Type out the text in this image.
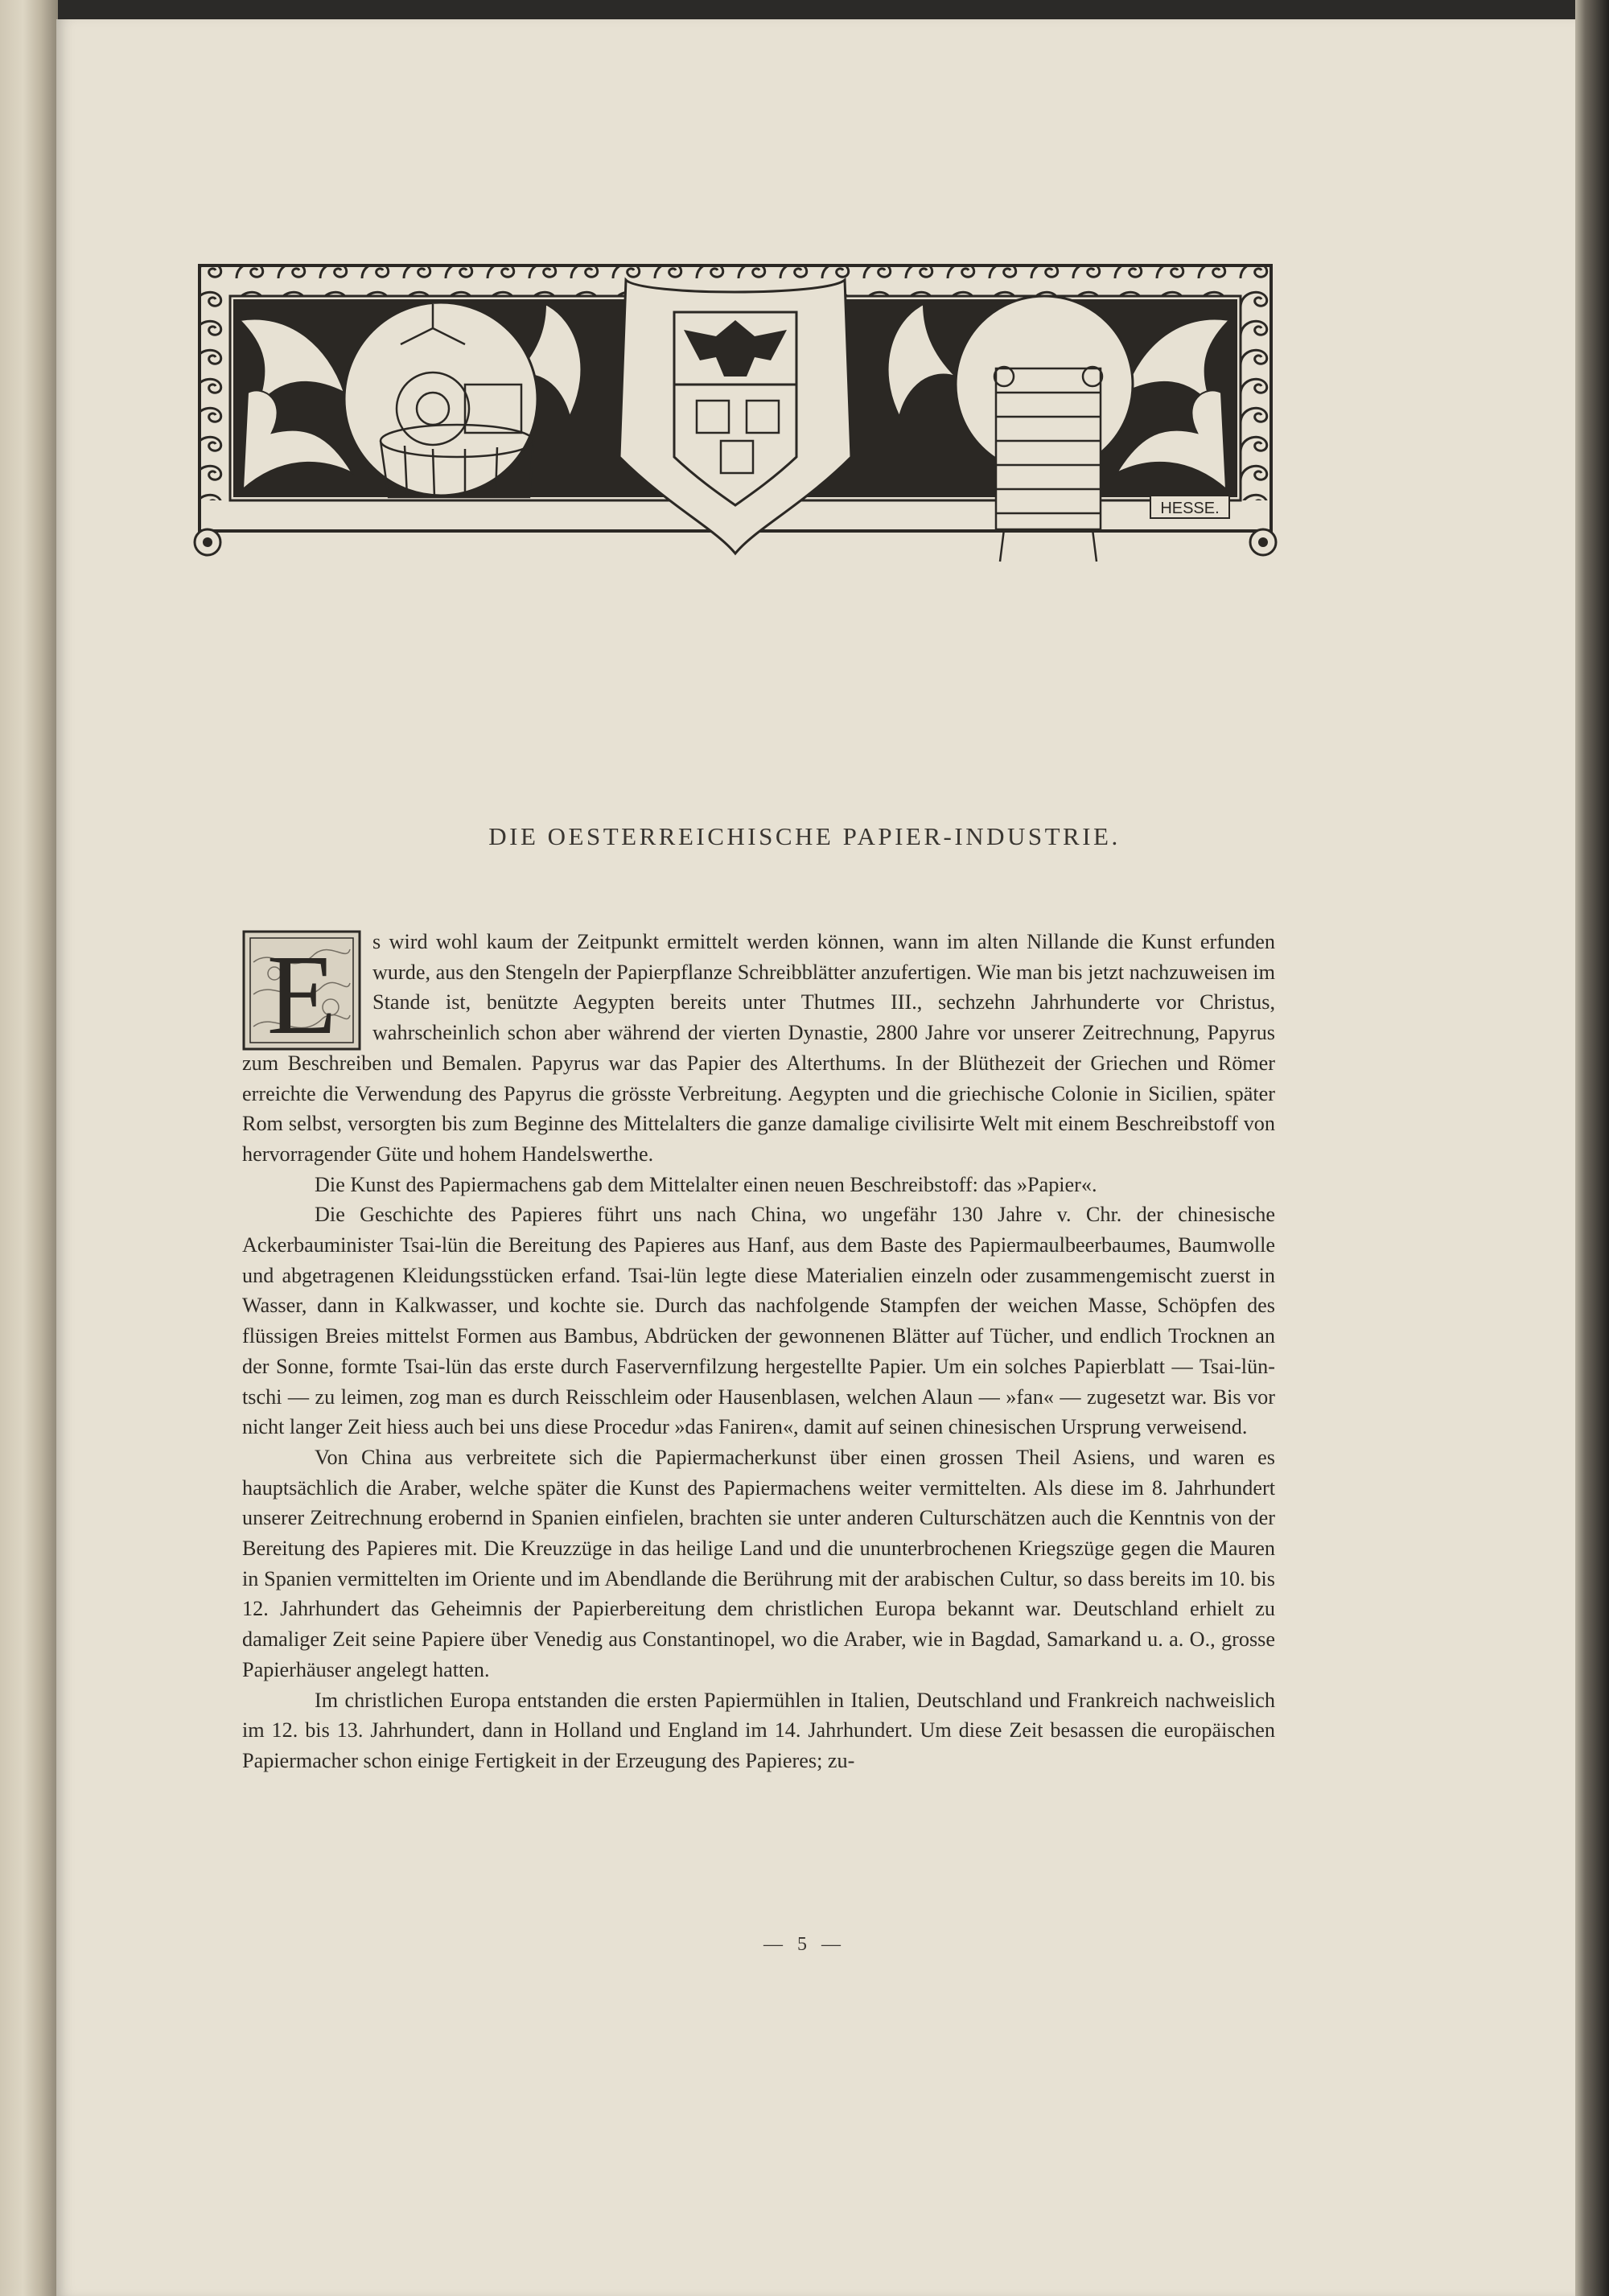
HESSE.
DIE OESTERREICHISCHE PAPIER-INDUSTRIE.
E	s wird wohl kaum der Zeitpunkt ermittelt werden können, wann im alten Nillande die Kunst erfunden wurde, aus den Stengeln der Papierpflanze Schreibblätter anzufertigen. Wie man bis jetzt nachzuweisen im Stande ist, benützte Aegypten bereits unter Thutmes III., sechzehn Jahrhunderte vor Christus, wahrscheinlich schon aber während der vierten Dynastie, 2800 Jahre vor unserer Zeitrechnung, Papyrus zum Beschreiben und Bemalen. Papyrus war das Papier des Alterthums. In der Blüthezeit der Griechen und Römer erreichte die Verwendung des Papyrus die grösste Verbreitung. Aegypten und die griechische Colonie in Sicilien, später Rom selbst, versorgten bis zum Beginne des Mittelalters die ganze damalige civilisirte Welt mit einem Beschreibstoff von hervorragender Güte und hohem Handelswerthe.

Die Kunst des Papiermachens gab dem Mittelalter einen neuen Beschreibstoff: das »Papier«.

Die Geschichte des Papieres führt uns nach China, wo ungefähr 130 Jahre v. Chr. der chinesische Ackerbauminister Tsai-lün die Bereitung des Papieres aus Hanf, aus dem Baste des Papiermaulbeerbaumes, Baumwolle und abgetragenen Kleidungsstücken erfand. Tsai-lün legte diese Materialien einzeln oder zusammengemischt zuerst in Wasser, dann in Kalkwasser, und kochte sie. Durch das nachfolgende Stampfen der weichen Masse, Schöpfen des flüssigen Breies mittelst Formen aus Bambus, Abdrücken der gewonnenen Blätter auf Tücher, und endlich Trocknen an der Sonne, formte Tsai-lün das erste durch Faservernfilzung hergestellte Papier. Um ein solches Papierblatt — Tsai-lün-tschi — zu leimen, zog man es durch Reisschleim oder Hausenblasen, welchen Alaun — »fan« — zugesetzt war. Bis vor nicht langer Zeit hiess auch bei uns diese Procedur »das Faniren«, damit auf seinen chinesischen Ursprung verweisend.

Von China aus verbreitete sich die Papiermacherkunst über einen grossen Theil Asiens, und waren es hauptsächlich die Araber, welche später die Kunst des Papiermachens weiter vermittelten. Als diese im 8. Jahrhundert unserer Zeitrechnung erobernd in Spanien einfielen, brachten sie unter anderen Culturschätzen auch die Kenntnis von der Bereitung des Papieres mit. Die Kreuzzüge in das heilige Land und die ununterbrochenen Kriegszüge gegen die Mauren in Spanien vermittelten im Oriente und im Abendlande die Berührung mit der arabischen Cultur, so dass bereits im 10. bis 12. Jahrhundert das Geheimnis der Papierbereitung dem christlichen Europa bekannt war. Deutschland erhielt zu damaliger Zeit seine Papiere über Venedig aus Constantinopel, wo die Araber, wie in Bagdad, Samarkand u. a. O., grosse Papierhäuser angelegt hatten.

Im christlichen Europa entstanden die ersten Papiermühlen in Italien, Deutschland und Frankreich nachweislich im 12. bis 13. Jahrhundert, dann in Holland und England im 14. Jahrhundert. Um diese Zeit besassen die europäischen Papiermacher schon einige Fertigkeit in der Erzeugung des Papieres; zu-

— 5 —
